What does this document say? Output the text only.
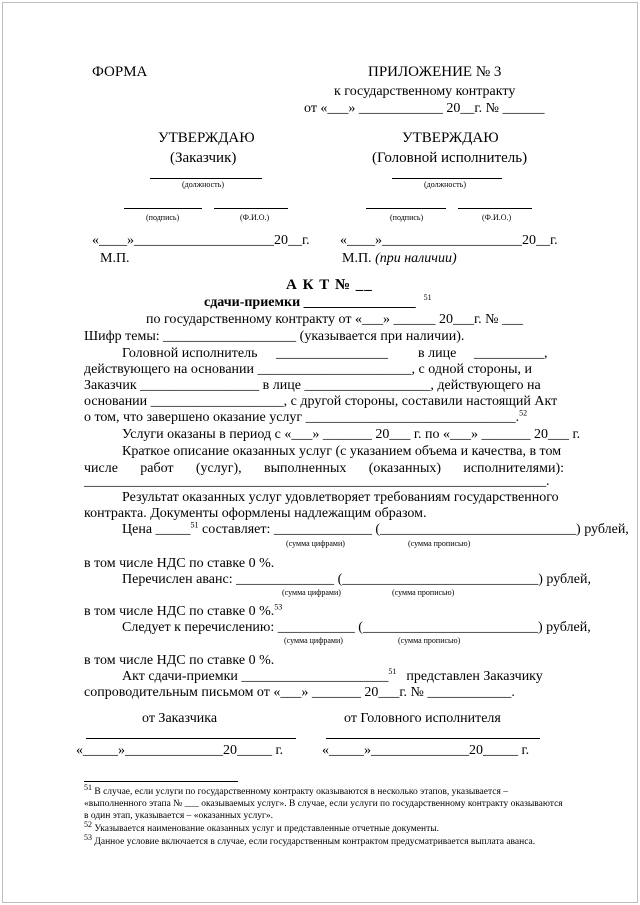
ФОРМА	ПРИЛОЖЕНИЕ № 3
к государственному контракту
от «___» ____________ 20__г. № ______
УТВЕРЖДАЮ
(Заказчик)
(должность)
(подпись)	(Ф.И.О.)
«____»____________________20__г.
М.П.
УТВЕРЖДАЮ
(Головной исполнитель)
(должность)
(подпись)	(Ф.И.О.)
«____»____________________20__г.
М.П. (при наличии)
А К Т № __
сдачи-приемки ________________ $^{51}$
по государственному контракту от «___» ______ 20___г. № ___
Шифр темы: ___________________ (указывается при наличии).
Головной исполнитель ________________ в лице __________,
действующего на основании ______________________, с одной стороны, и
Заказчик _________________ в лице __________________, действующего на
основании ___________________, с другой стороны, составили настоящий Акт
о том, что завершено оказание услуг ______________________________.$^{52}$
Услуги оказаны в период с «___» _______ 20___ г. по «___» _______ 20___ г.
Краткое описание оказанных услуг (с указанием объема и качества, в том
числе работ (услуг), выполненных (оказанных) исполнителями):
__________________________________________________________________.
Результат оказанных услуг удовлетворяет требованиям государственного
контракта. Документы оформлены надлежащим образом.
Цена _____$^{51}$ составляет: ______________ (____________________________) рублей,
(сумма цифрами)	(сумма прописью)
в том числе НДС по ставке 0 %.
Перечислен аванс: ______________ (____________________________) рублей,
(сумма цифрами)	(сумма прописью)
в том числе НДС по ставке 0 %.$^{53}$
Следует к перечислению: ___________ (_________________________) рублей,
(сумма цифрами)	(сумма прописью)
в том числе НДС по ставке 0 %.
Акт сдачи-приемки _____________________$^{51}$ представлен Заказчику
сопроводительным письмом от «___» _______ 20___г. № ____________.
от Заказчика	от Головного исполнителя
«_____»______________20_____ г.	«_____»______________20_____ г.
$^{51}$ В случае, если услуги по государственному контракту оказываются в несколько этапов, указывается – «выполненного этапа № ___ оказываемых услуг». В случае, если услуги по государственному контракту оказываются в один этап, указывается – «оказанных услуг».
$^{52}$ Указывается наименование оказанных услуг и представленные отчетные документы.
$^{53}$ Данное условие включается в случае, если государственным контрактом предусматривается выплата аванса.
